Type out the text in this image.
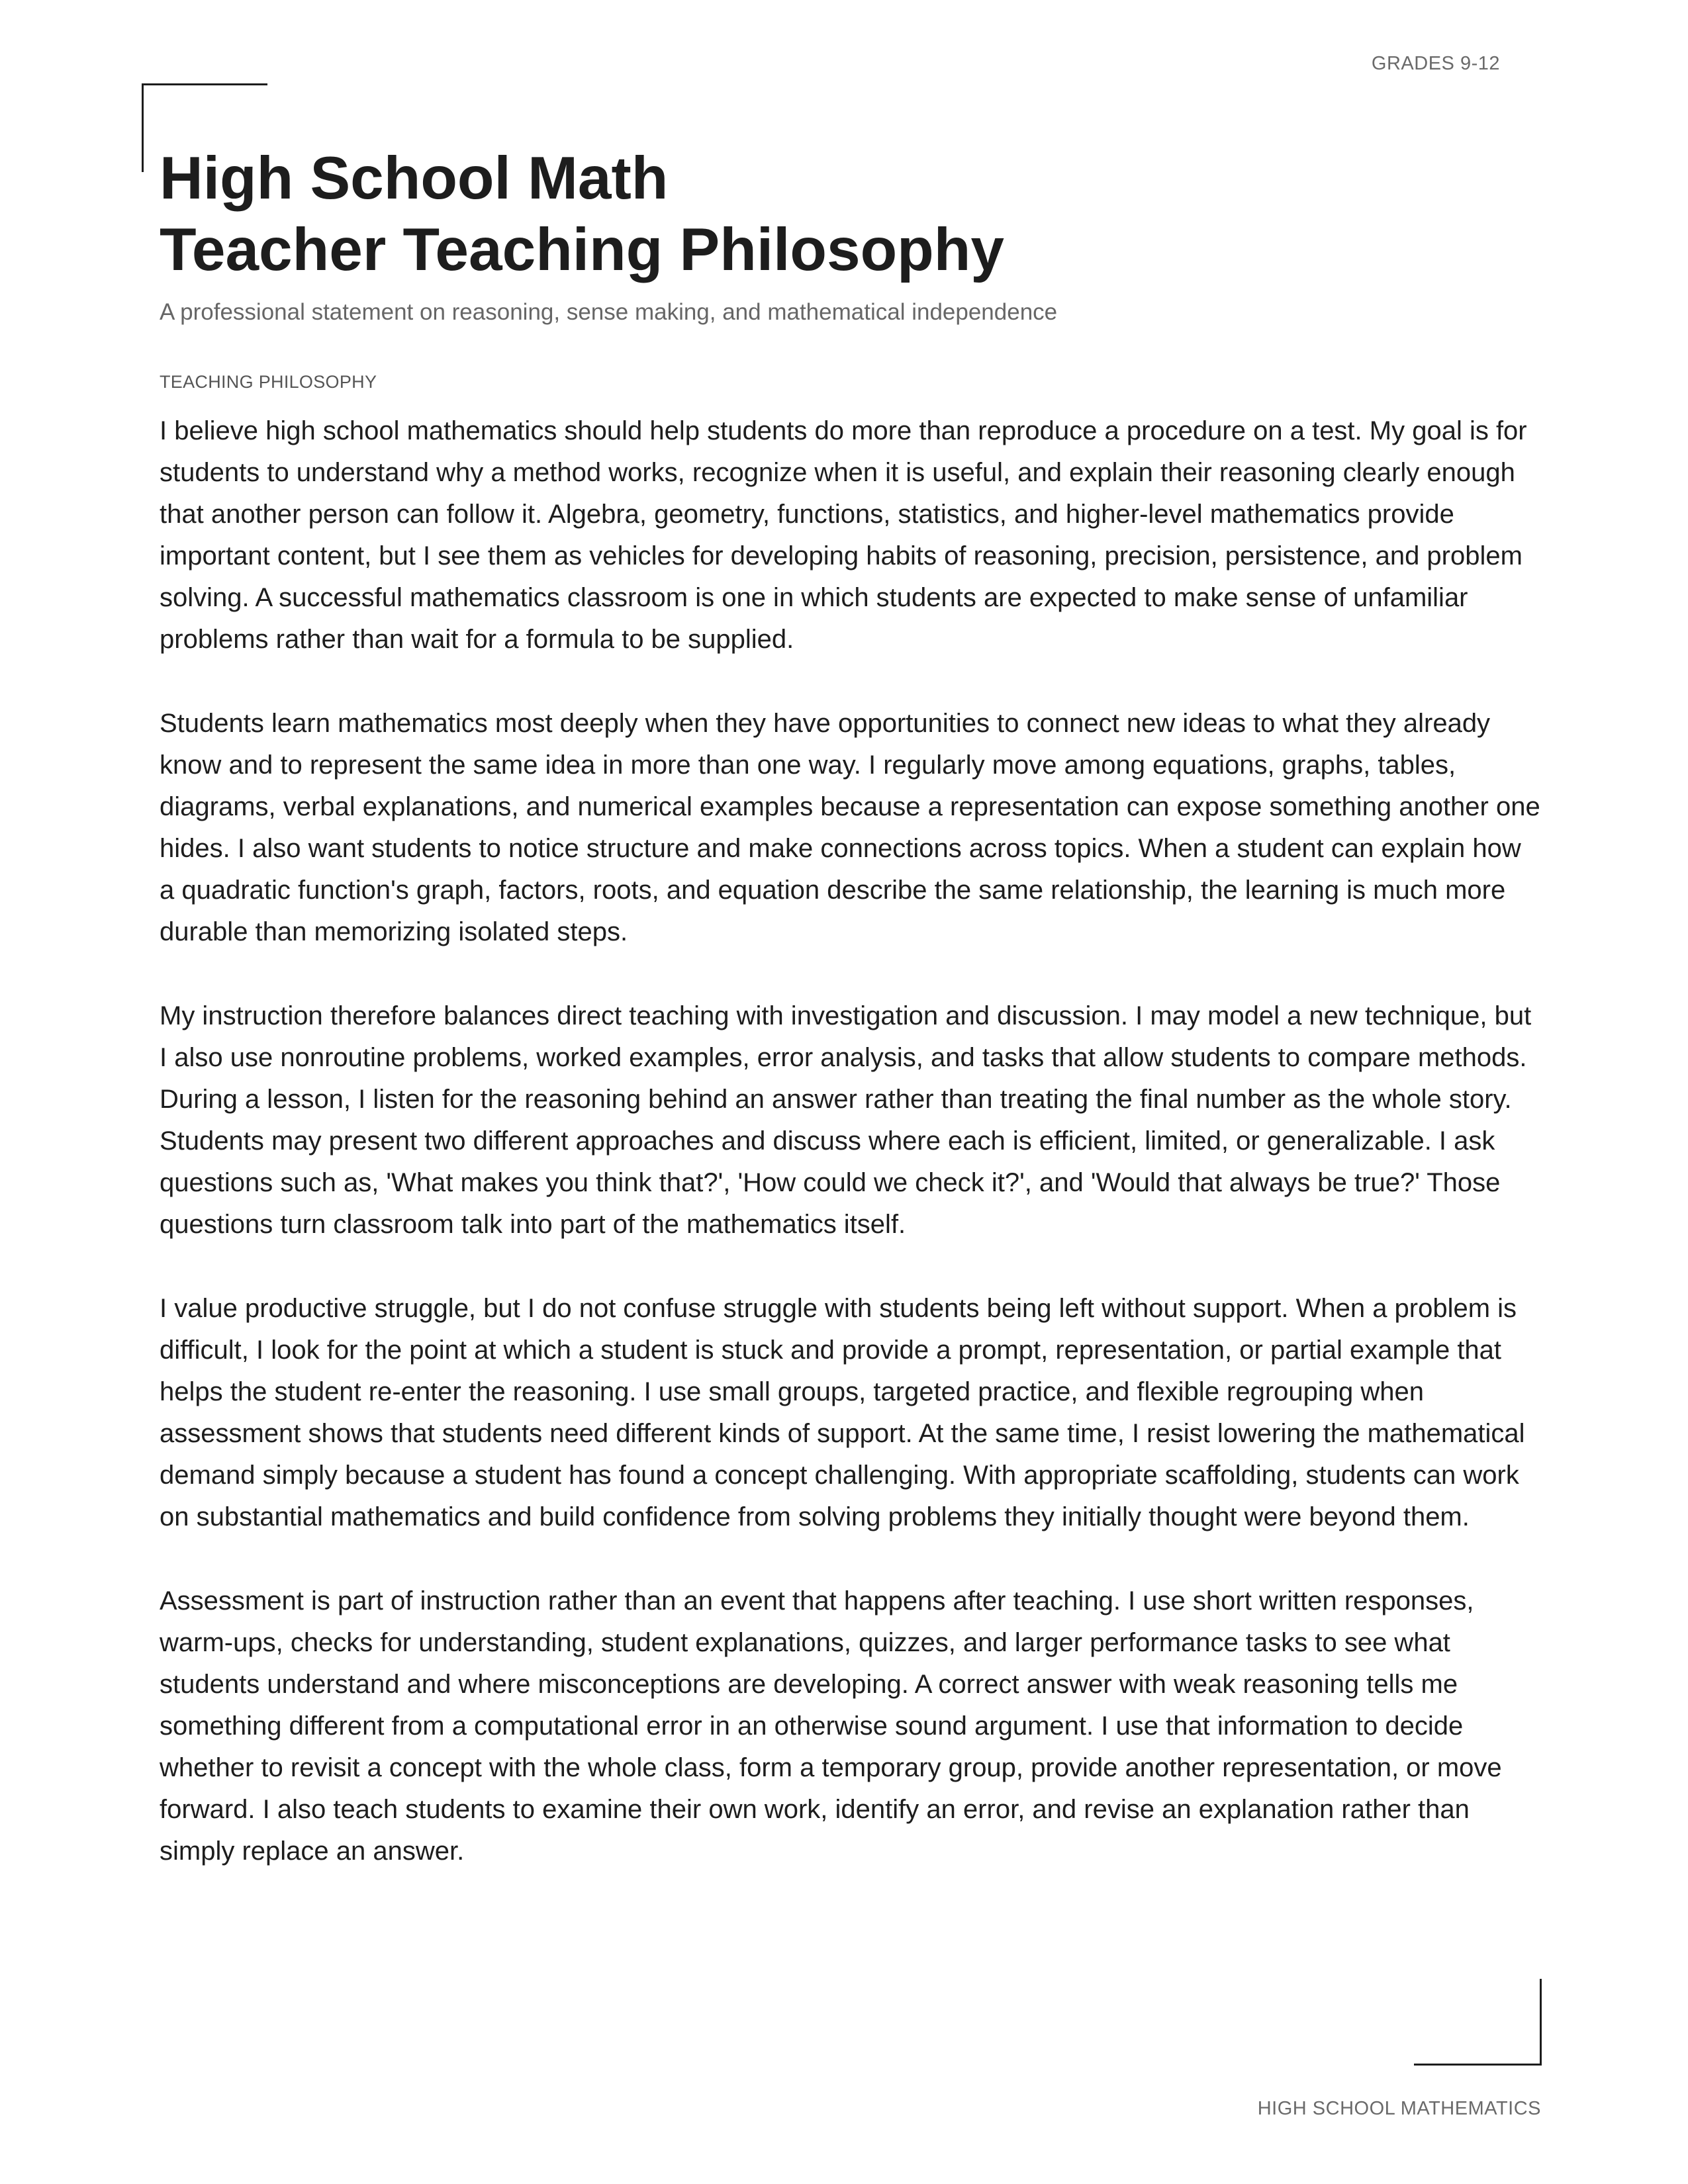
GRADES 9-12
High School Math
Teacher Teaching Philosophy
A professional statement on reasoning, sense making, and mathematical independence
TEACHING PHILOSOPHY

I believe high school mathematics should help students do more than reproduce a procedure on a test. My goal is for students to understand why a method works, recognize when it is useful, and explain their reasoning clearly enough that another person can follow it. Algebra, geometry, functions, statistics, and higher-level mathematics provide important content, but I see them as vehicles for developing habits of reasoning, precision, persistence, and problem solving. A successful mathematics classroom is one in which students are expected to make sense of unfamiliar problems rather than wait for a formula to be supplied.

Students learn mathematics most deeply when they have opportunities to connect new ideas to what they already know and to represent the same idea in more than one way. I regularly move among equations, graphs, tables, diagrams, verbal explanations, and numerical examples because a representation can expose something another one hides. I also want students to notice structure and make connections across topics. When a student can explain how a quadratic function's graph, factors, roots, and equation describe the same relationship, the learning is much more durable than memorizing isolated steps.

My instruction therefore balances direct teaching with investigation and discussion. I may model a new technique, but I also use nonroutine problems, worked examples, error analysis, and tasks that allow students to compare methods. During a lesson, I listen for the reasoning behind an answer rather than treating the final number as the whole story. Students may present two different approaches and discuss where each is efficient, limited, or generalizable. I ask questions such as, 'What makes you think that?', 'How could we check it?', and 'Would that always be true?' Those questions turn classroom talk into part of the mathematics itself.

I value productive struggle, but I do not confuse struggle with students being left without support. When a problem is difficult, I look for the point at which a student is stuck and provide a prompt, representation, or partial example that helps the student re-enter the reasoning. I use small groups, targeted practice, and flexible regrouping when assessment shows that students need different kinds of support. At the same time, I resist lowering the mathematical demand simply because a student has found a concept challenging. With appropriate scaffolding, students can work on substantial mathematics and build confidence from solving problems they initially thought were beyond them.

Assessment is part of instruction rather than an event that happens after teaching. I use short written responses, warm-ups, checks for understanding, student explanations, quizzes, and larger performance tasks to see what students understand and where misconceptions are developing. A correct answer with weak reasoning tells me something different from a computational error in an otherwise sound argument. I use that information to decide whether to revisit a concept with the whole class, form a temporary group, provide another representation, or move forward. I also teach students to examine their own work, identify an error, and revise an explanation rather than simply replace an answer.

HIGH SCHOOL MATHEMATICS
